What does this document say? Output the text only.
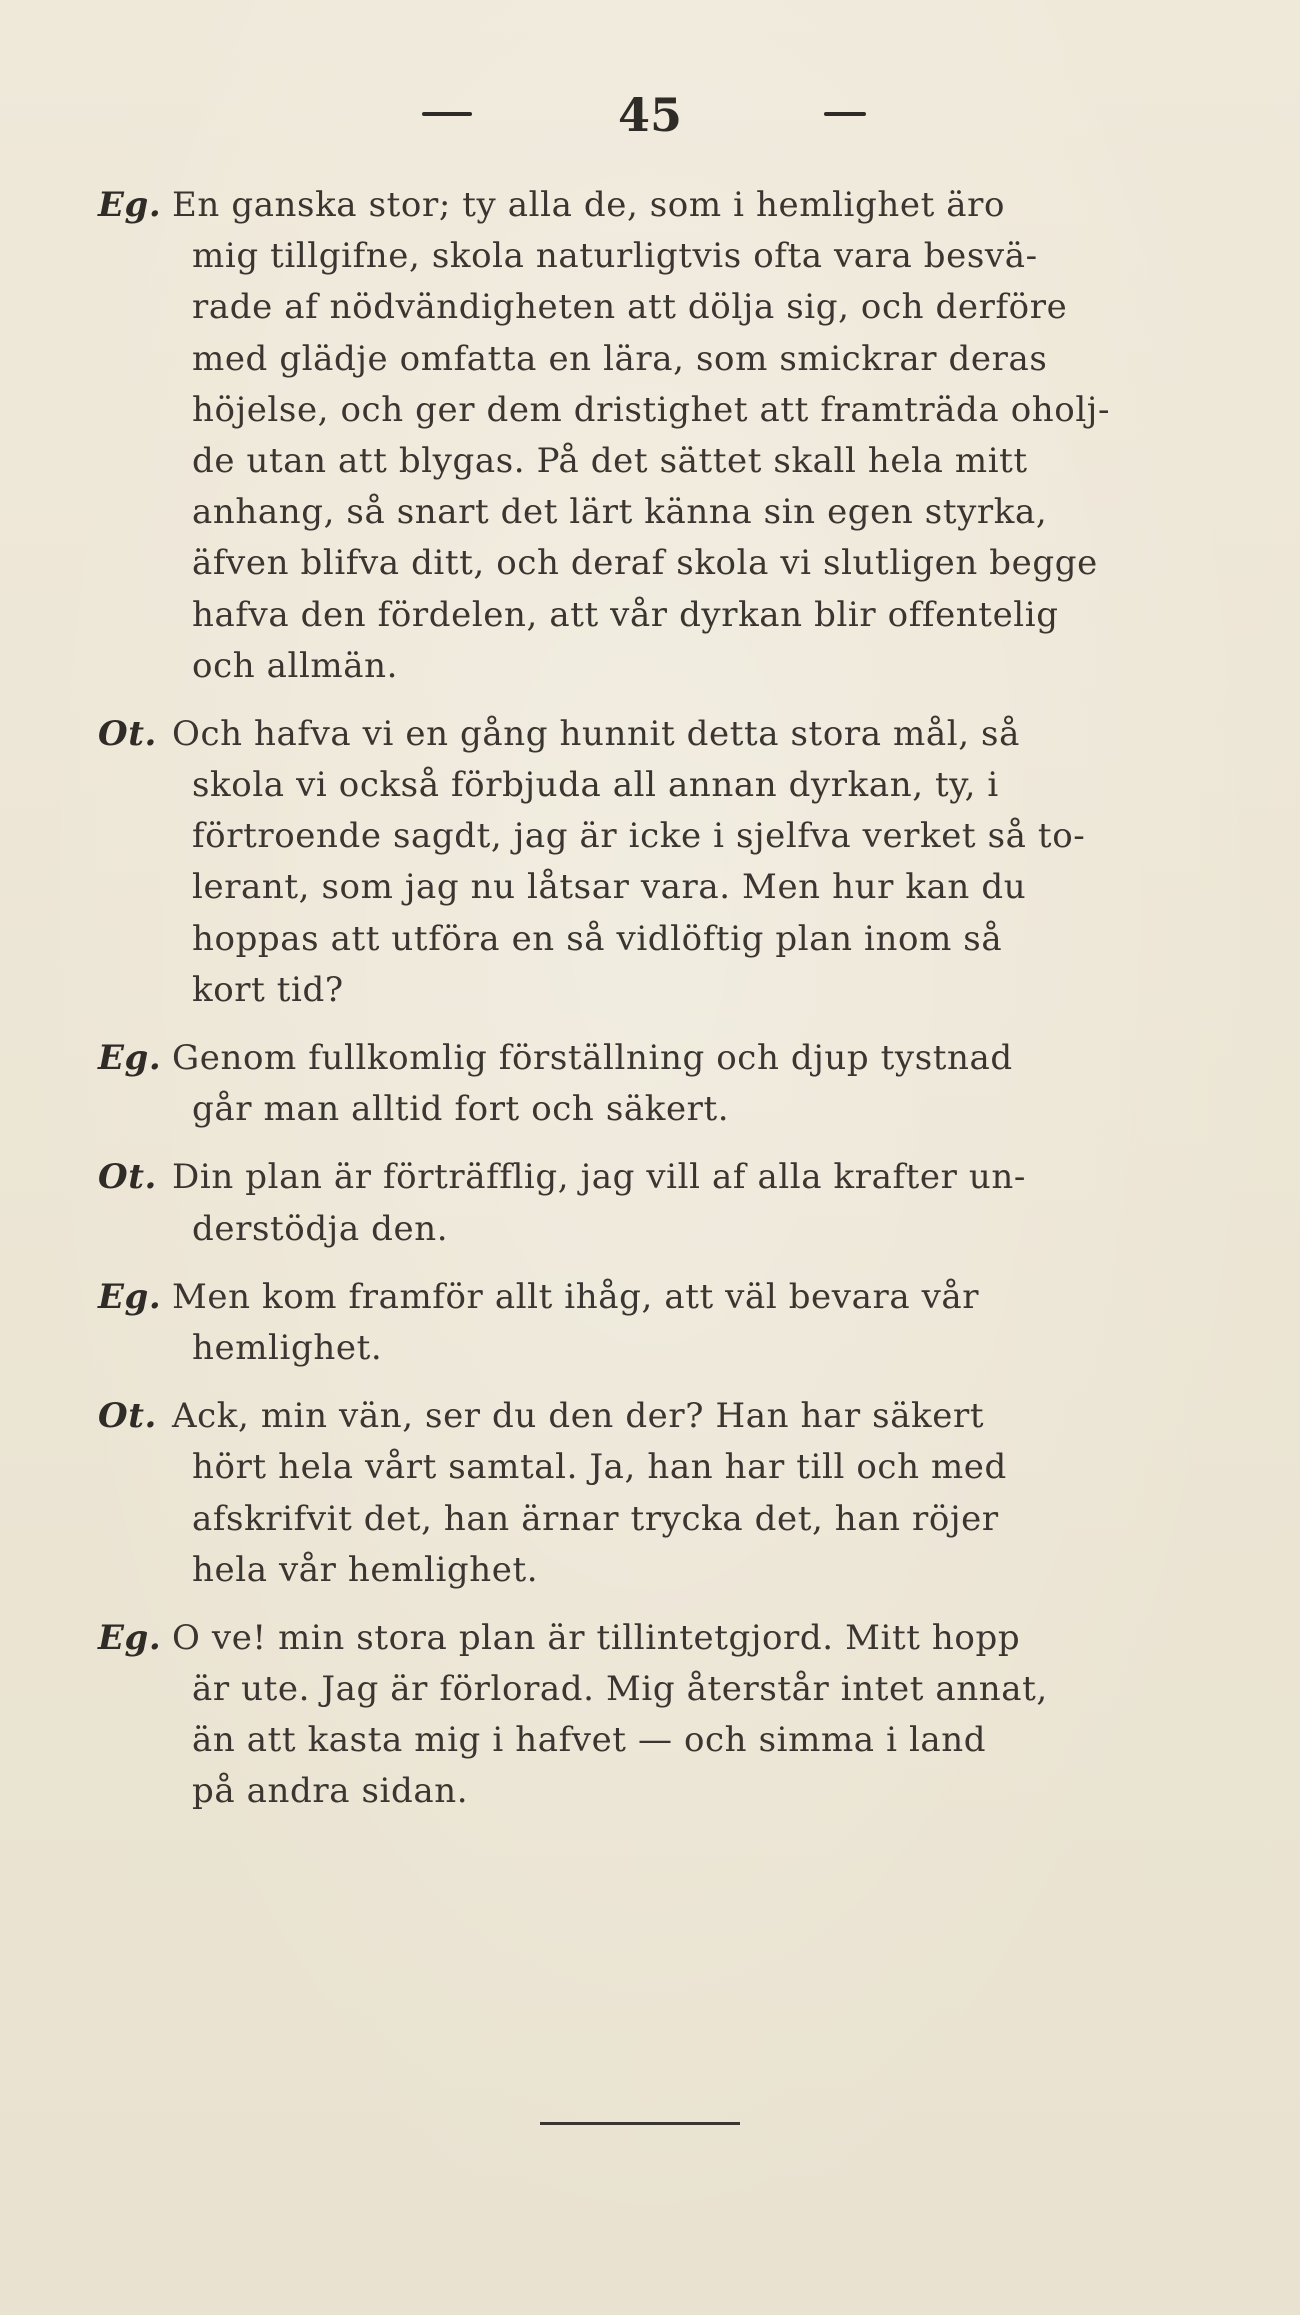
45
Eg. En ganska stor; ty alla de, som i hemlighet äro
mig tillgifne, skola naturligtvis ofta vara besvä-
rade af nödvändigheten att dölja sig, och derföre
med glädje omfatta en lära, som smickrar deras
höjelse, och ger dem dristighet att framträda oholj-
de utan att blygas. På det sättet skall hela mitt
anhang, så snart det lärt känna sin egen styrka,
äfven blifva ditt, och deraf skola vi slutligen begge
hafva den fördelen, att vår dyrkan blir offentelig
och allmän.
Ot. Och hafva vi en gång hunnit detta stora mål, så
skola vi också förbjuda all annan dyrkan, ty, i
förtroende sagdt, jag är icke i sjelfva verket så to-
lerant, som jag nu låtsar vara. Men hur kan du
hoppas att utföra en så vidlöftig plan inom så
kort tid?
Eg. Genom fullkomlig förställning och djup tystnad
går man alltid fort och säkert.
Ot. Din plan är förträfflig, jag vill af alla krafter un-
derstödja den.
Eg. Men kom framför allt ihåg, att väl bevara vår
hemlighet.
Ot. Ack, min vän, ser du den der? Han har säkert
hört hela vårt samtal. Ja, han har till och med
afskrifvit det, han ärnar trycka det, han röjer
hela vår hemlighet.
Eg. O ve! min stora plan är tillintetgjord. Mitt hopp
är ute. Jag är förlorad. Mig återstår intet annat,
än att kasta mig i hafvet — och simma i land
på andra sidan.
